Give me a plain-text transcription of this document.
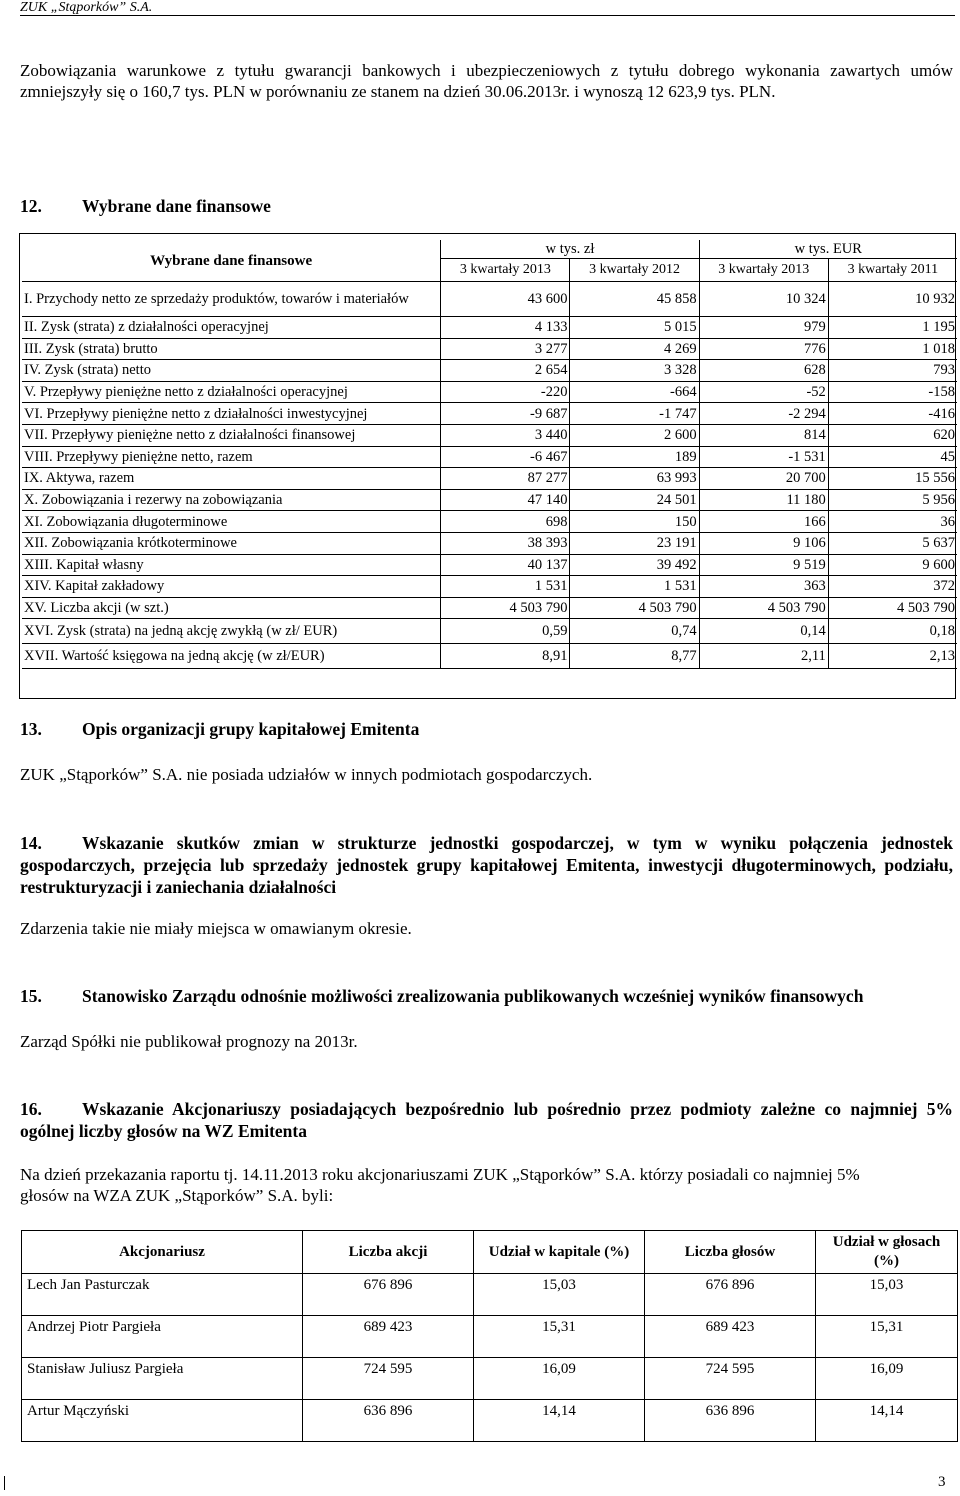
ZUK „Stąporków” S.A.
Zobowiązania warunkowe z tytułu gwarancji bankowych i ubezpieczeniowych z tytułu dobrego wykonania zawartych umów zmniejszyły się o 160,7 tys. PLN w porównaniu ze stanem na dzień 30.06.2013r. i wynoszą 12 623,9 tys. PLN.
12. Wybrane dane finansowe
Wybrane dane finansowe	w tys. zł		w tys. EUR	
	3 kwartały 2013	3 kwartały 2012	3 kwartały 2013	3 kwartały 2011
I. Przychody netto ze sprzedaży produktów, towarów i materiałów	43 600	45 858	10 324	10 932
II. Zysk (strata) z działalności operacyjnej	4 133	5 015	979	1 195
III. Zysk (strata) brutto	3 277	4 269	776	1 018
IV. Zysk (strata) netto	2 654	3 328	628	793
V. Przepływy pieniężne netto z działalności operacyjnej	-220	-664	-52	-158
VI. Przepływy pieniężne netto z działalności inwestycyjnej	-9 687	-1 747	-2 294	-416
VII. Przepływy pieniężne netto z działalności finansowej	3 440	2 600	814	620
VIII. Przepływy pieniężne netto, razem	-6 467	189	-1 531	45
IX. Aktywa, razem	87 277	63 993	20 700	15 556
X. Zobowiązania i rezerwy na zobowiązania	47 140	24 501	11 180	5 956
XI. Zobowiązania długoterminowe	698	150	166	36
XII. Zobowiązania krótkoterminowe	38 393	23 191	9 106	5 637
XIII. Kapitał własny	40 137	39 492	9 519	9 600
XIV. Kapitał zakładowy	1 531	1 531	363	372
XV. Liczba akcji (w szt.)	4 503 790	4 503 790	4 503 790	4 503 790
XVI. Zysk (strata) na jedną akcję zwykłą (w zł/ EUR)	0,59	0,74	0,14	0,18
XVII. Wartość księgowa na jedną akcję (w zł/EUR)	8,91	8,77	2,11	2,13
13. Opis organizacji grupy kapitałowej Emitenta
ZUK „Stąporków” S.A. nie posiada udziałów w innych podmiotach gospodarczych.
14. Wskazanie skutków zmian w strukturze jednostki gospodarczej, w tym w wyniku połączenia jednostek gospodarczych, przejęcia lub sprzedaży jednostek grupy kapitałowej Emitenta, inwestycji długoterminowych, podziału, restrukturyzacji i zaniechania działalności
Zdarzenia takie nie miały miejsca w omawianym okresie.
15. Stanowisko Zarządu odnośnie możliwości zrealizowania publikowanych wcześniej wyników finansowych
Zarząd Spółki nie publikował prognozy na 2013r.
16. Wskazanie Akcjonariuszy posiadających bezpośrednio lub pośrednio przez podmioty zależne co najmniej 5% ogólnej liczby głosów na WZ Emitenta
Na dzień przekazania raportu tj. 14.11.2013 roku akcjonariuszami ZUK „Stąporków” S.A. którzy posiadali co najmniej 5% głosów na WZA ZUK „Stąporków” S.A. byli:
Akcjonariusz	Liczba akcji	Udział w kapitale (%)	Liczba głosów	Udział w głosach (%)
Lech Jan Pasturczak	676 896	15,03	676 896	15,03
Andrzej Piotr Pargieła	689 423	15,31	689 423	15,31
Stanisław Juliusz Pargieła	724 595	16,09	724 595	16,09
Artur Mączyński	636 896	14,14	636 896	14,14
3
